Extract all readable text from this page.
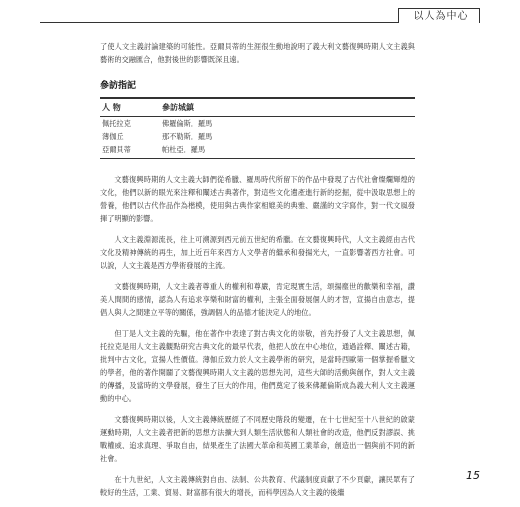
以人為中心

了使人文主義討論建築的可能性。亞爾貝蒂的生涯很生動地說明了義大利文藝復興時期人文主義與藝術的交融匯合，他對後世的影響既深且遠。

參訪指記
人 物	參訪城鎮
佩托拉克	佛羅倫斯．羅馬
薄伽丘	那不勒斯．羅馬
亞爾貝蒂	帕杜亞．羅馬

文藝復興時期的人文主義大師們從希臘、羅馬時代所留下的作品中發現了古代社會燦爛輝煌的文化，他們以新的眼光來注釋和闡述古典著作，對這些文化遺產進行新的挖掘，從中汲取思想上的營養，他們以古代作品作為楷模，使用與古典作家相媲美的典雅、嚴謹的文字寫作，對一代文風發揮了明顯的影響。

人文主義淵源流長，往上可溯源到西元前五世紀的希臘。在文藝復興時代，人文主義經由古代文化及精神傳統的再生，加上近百年來西方人文學者的繼承和發揚光大，一直影響著西方社會。可以說，人文主義是西方學術發展的主流。

文藝復興時期，人文主義者尊重人的權利和尊嚴，肯定現實生活，頌揚塵世的歡樂和幸福，讚美人間間的感情，認為人有追求享樂和財富的權利，主張全面發展個人的才智，宣揚自由意志，提倡人與人之間建立平等的關係，強調個人的品德才能決定人的地位。

但丁是人文主義的先驅，他在著作中表達了對古典文化的崇敬，首先抒發了人文主義思想，佩托拉克是用人文主義觀點研究古典文化的最早代表，他把人放在中心地位，通過詮釋、闡述古籍，批判中古文化，宣揚人性價值。薄伽丘致力於人文主義學術的研究，是當時西歐第一個掌握希臘文的學者，他的著作開闢了文藝復興時期人文主義的思想先河，這些大師的活動與創作，對人文主義的傳播，及當時的文學發展，發生了巨大的作用，他們奠定了後來佛羅倫斯成為義大利人文主義運動的中心。

文藝復興時期以後，人文主義傳統歷經了不同歷史階段的變遷，在十七世紀至十八世紀的啟蒙運動時期，人文主義者把新的思想方法擴大到人類生活狀態和人類社會的改造，他們反對謬誤、挑戰權威、追求真理、爭取自由，結果產生了法國大革命和英國工業革命，創造出一個與前不同的新社會。

在十九世紀，人文主義傳統對自由、法制、公共教育、代議制度貢獻了不少頁獻，讓民眾有了較好的生活，工業、貿易、財富都有很大的增長，而科學因為人文主義的後繼

15
